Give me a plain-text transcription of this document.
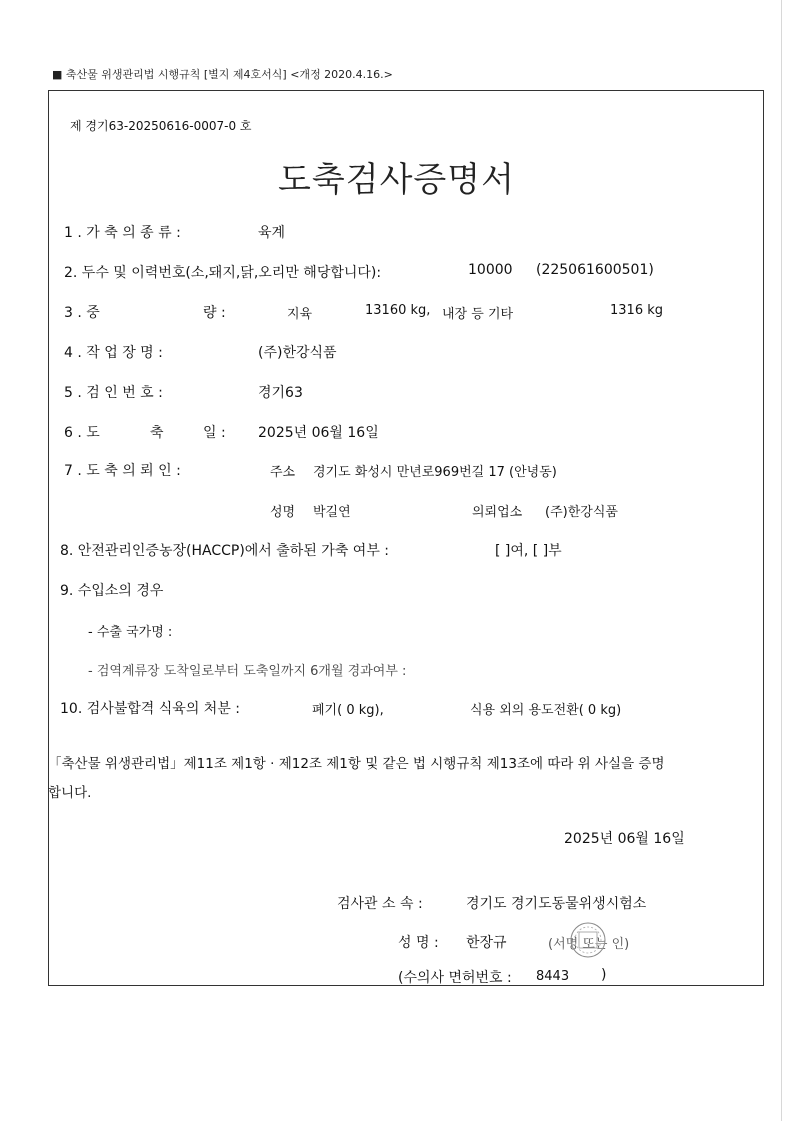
■ 축산물 위생관리법 시행규칙 [별지 제4호서식] <개정 2020.4.16.>
제 경기63-20250616-0007-0 호
도축검사증명서
1 . 가 축 의 종 류 :	육계
2. 두수 및 이력번호(소,돼지,닭,오리만 해당합니다):	10000 (225061600501)
3 . 중	량 :	지육	13160 kg, 내장 등 기타	1316 kg
4 . 작 업 장 명 :	(주)한강식품
5 . 검 인 번 호 :	경기63
6 . 도	축	일 : 2025년 06월 16일
7 . 도 축 의 뢰 인 :	주소 경기도 화성시 만년로969번길 17 (안녕동)
성명 박길연	의뢰업소 (주)한강식품
8. 안전관리인증농장(HACCP)에서 출하된 가축 여부 :	[ ]여, [ ]부
9. 수입소의 경우
- 수출 국가명 :
- 검역계류장 도착일로부터 도축일까지 6개월 경과여부 :
10. 검사불합격 식육의 처분 :	폐기( 0 kg),	식용 외의 용도전환( 0 kg)
「축산물 위생관리법」제11조 제1항 · 제12조 제1항 및 같은 법 시행규칙 제13조에 따라 위 사실을 증명
합니다.
2025년 06월 16일
검사관 소 속 :	경기도 경기도동물위생시험소
성 명 : 한장규	(서명 또는 인)
(수의사 면허번호 : 8443 )
